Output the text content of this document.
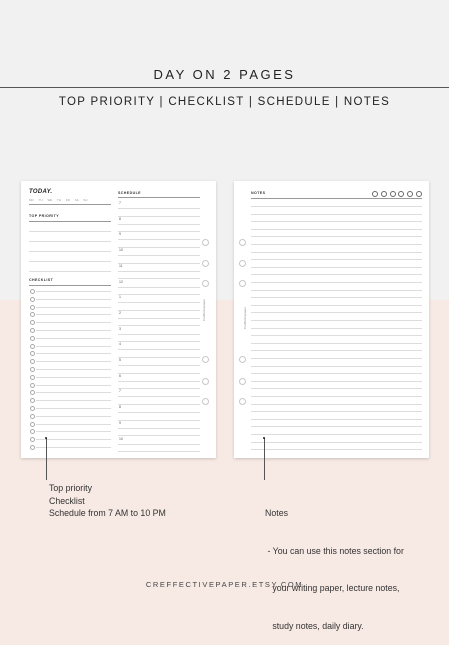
DAY ON 2 PAGES
TOP PRIORITY | CHECKLIST | SCHEDULE | NOTES
TODAY.
MO TU WE TH FR SA SU
TOP PRIORITY
CHECKLIST
SCHEDULE
7
8
9
10
11
12
1
2
3
4
5
6
7
8
9
10
Creffectivepaper
NOTES
Creffectivepaper
Top priority
Checklist
Schedule from 7 AM to 10 PM

	Notes

- You can use this notes section for

your writing paper, lecture notes,

study notes, daily diary.

CREFFECTIVEPAPER.ETSY.COM
